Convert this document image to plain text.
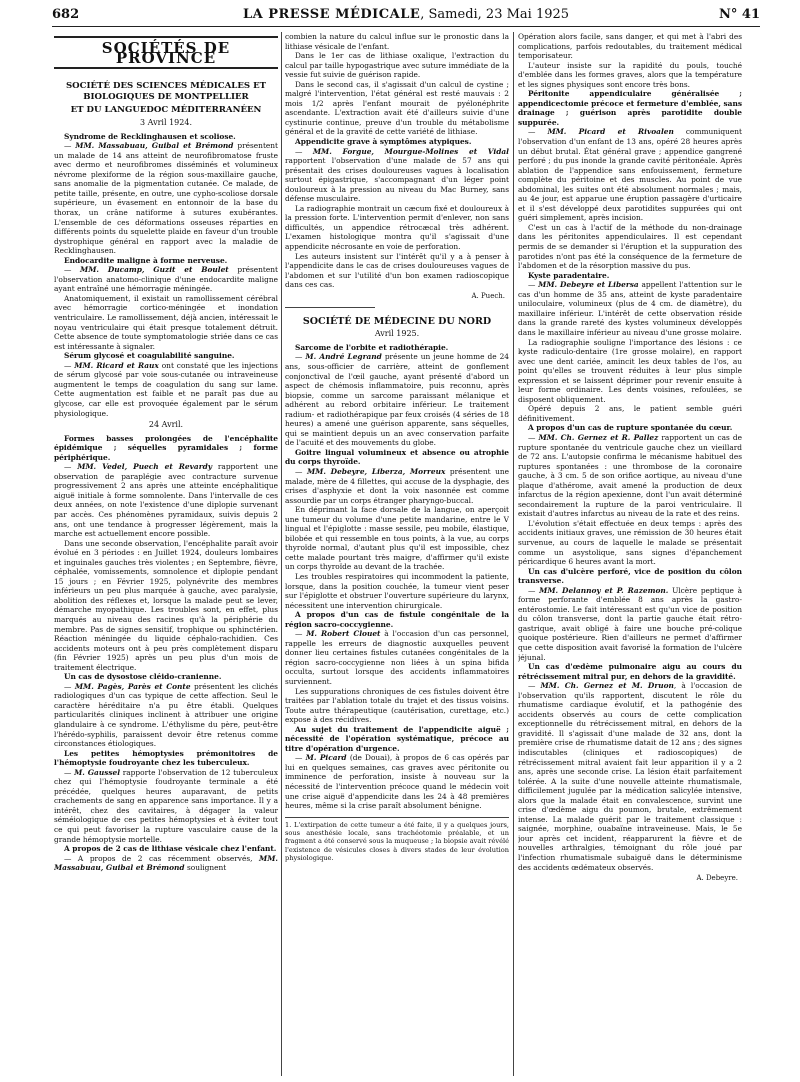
682	LA PRESSE MÉDICALE, Samedi, 23 Mai 1925	N° 41
SOCIÉTÉS DE PROVINCE
SOCIÉTÉ DES SCIENCES MÉDICALES ET BIOLOGIQUES DE MONTPELLIER
ET DU LANGUEDOC MÉDITERRANÉEN
3 Avril 1924.

Syndrome de Recklinghausen et scoliose.

— MM. Massabuau, Guibal et Brémond présentent un malade de 14 ans atteint de neurofibromatose fruste avec dermo et neurofibromes disséminés et volumineux névrome plexiforme de la région sous-maxillaire gauche, sans anomalie de la pigmentation cutanée. Ce malade, de petite taille, présente, en outre, une cypho-scoliose dorsale supérieure, un évasement en entonnoir de la base du thorax, un crâne natiforme à sutures exubérantes. L'ensemble de ces déformations osseuses réparties en différents points du squelette plaide en faveur d'un trouble dystrophique général en rapport avec la maladie de Recklinghausen.

Endocardite maligne à forme nerveuse.

— MM. Ducamp, Guzit et Boulet présentent l'observation anatomo-clinique d'une endocardite maligne ayant entraîné une hémorragie méningée.

Anatomiquement, il existait un ramollissement cérébral avec hémorragie cortico-méningée et inondation ventriculaire. Le ramollissement, déjà ancien, intéressait le noyau ventriculaire qui était presque totalement détruit. Cette absence de toute symptomatologie striée dans ce cas est intéressante à signaler.

Sérum glycosé et coagulabilité sanguine.

— MM. Ricard et Raux ont constaté que les injections de sérum glycosé par voie sous-cutanée ou intraveineuse augmentent le temps de coagulation du sang sur lame. Cette augmentation est faible et ne paraît pas due au glycose, car elle est provoquée également par le sérum physiologique.

24 Avril.

Formes basses prolongées de l'encéphalite épidémique ; séquelles pyramidales ; forme périphérique.

— MM. Vedel, Puech et Revardy rapportent une observation de paraplégie avec contracture survenue progressivement 2 ans après une atteinte encéphalitique aiguë initiale à forme somnolente. Dans l'intervalle de ces deux années, on note l'existence d'une diplopie survenant par accès. Ces phénomènes pyramidaux, suivis depuis 2 ans, ont une tendance à progresser légèrement, mais la marche est actuellement encore possible.

Dans une seconde observation, l'encéphalite paraît avoir évolué en 3 périodes : en Juillet 1924, douleurs lombaires et inguinales gauches très violentes ; en Septembre, fièvre, céphalée, vomissements, somnolence et diplopie pendant 15 jours ; en Février 1925, polynévrite des membres inférieurs un peu plus marquée à gauche, avec paralysie, abolition des réflexes et, lorsque la malade peut se lever, démarche myopathique. Les troubles sont, en effet, plus marqués au niveau des racines qu'à la périphérie du membre. Pas de signes sensitif, trophique ou sphinctérien. Réaction méningée du liquide céphalo-rachidien. Ces accidents moteurs ont à peu près complètement disparu (fin Février 1925) après un peu plus d'un mois de traitement électrique.

Un cas de dysostose cléido-cranienne.

— MM. Pagès, Parès et Conte présentent les clichés radiologiques d'un cas typique de cette affection. Seul le caractère héréditaire n'a pu être établi. Quelques particularités cliniques inclinent à attribuer une origine glandulaire à ce syndrome. L'éthylisme du père, peut-être l'hérédo-syphilis, paraissent devoir être retenus comme circonstances étiologiques.

Les petites hémoptysies prémonitoires de l'hémoptysie foudroyante chez les tuberculeux.

— M. Gaussel rapporte l'observation de 12 tuberculeux chez qui l'hémoptysie foudroyante terminale a été précédée, quelques heures auparavant, de petits crachements de sang en apparence sans importance. Il y a intérêt, chez des cavitaires, à dégager la valeur séméiologique de ces petites hémoptysies et à éviter tout ce qui peut favoriser la rupture vasculaire cause de la grande hémoptysie mortelle.

A propos de 2 cas de lithiase vésicale chez l'enfant.

— A propos de 2 cas récemment observés, MM. Massabuau, Guibal et Brémond soulignent

combien la nature du calcul influe sur le pronostic dans la lithiase vésicale de l'enfant.

Dans le 1er cas de lithiase oxalique, l'extraction du calcul par taille hypogastrique avec suture immédiate de la vessie fut suivie de guérison rapide.

Dans le second cas, il s'agissait d'un calcul de cystine ; malgré l'intervention, l'état général est resté mauvais : 2 mois 1/2 après l'enfant mourait de pyélonéphrite ascendante. L'extraction avait été d'ailleurs suivie d'une cystinurie continue, preuve d'un trouble du métabolisme général et de la gravité de cette variété de lithiase.

Appendicite grave à symptômes atypiques.

— MM. Forgue, Mourgue-Molines et Vidal rapportent l'observation d'une malade de 57 ans qui présentait des crises douloureuses vagues à localisation surtout épigastrique, s'accompagnant d'un léger point douloureux à la pression au niveau du Mac Burney, sans défense musculaire.

La radiographie montrait un cæcum fixé et douloureux à la pression forte. L'intervention permit d'enlever, non sans difficultés, un appendice rétrocæcal très adhérent. L'examen histologique montra qu'il s'agissait d'une appendicite nécrosante en voie de perforation.

Les auteurs insistent sur l'intérêt qu'il y a à penser à l'appendicite dans le cas de crises douloureuses vagues de l'abdomen et sur l'utilité d'un bon examen radioscopique dans ces cas.

A. Puech.
SOCIÉTÉ DE MÉDECINE DU NORD
Avril 1925.

Sarcome de l'orbite et radiothérapie.

— M. André Legrand présente un jeune homme de 24 ans, sous-officier de carrière, atteint de gonflement conjonctival de l'œil gauche, ayant présenté d'abord un aspect de chémosis inflammatoire, puis reconnu, après biopsie, comme un sarcome paraissant mélanique et adhérent au rebord orbitaire inférieur. Le traitement radium- et radiothérapique par feux croisés (4 séries de 18 heures) a amené une guérison apparente, sans séquelles, qui se maintient depuis un an avec conservation parfaite de l'acuité et des mouvements du globe.

Goitre lingual volumineux et absence ou atrophie du corps thyroïde.

— MM. Debeyre, Liberza, Morreux présentent une malade, mère de 4 fillettes, qui accuse de la dysphagie, des crises d'asphyxie et dont la voix nasonnée est comme assourdie par un corps étranger pharyngo-buccal.

En déprimant la face dorsale de la langue, on aperçoit une tumeur du volume d'une petite mandarine, entre le V lingual et l'épiglotte : masse sessile, peu mobile, élastique, bilobée et qui ressemble en tous points, à la vue, au corps thyroïde normal, d'autant plus qu'il est impossible, chez cette malade pourtant très maigre, d'affirmer qu'il existe un corps thyroïde au devant de la trachée.

Les troubles respiratoires qui incommodent la patiente, lorsque, dans la position couchée, la tumeur vient peser sur l'épiglotte et obstruer l'ouverture supérieure du larynx, nécessitent une intervention chirurgicale.

A propos d'un cas de fistule congénitale de la région sacro-coccygienne.

— M. Robert Clouet à l'occasion d'un cas personnel, rappelle les erreurs de diagnostic auxquelles peuvent donner lieu certaines fistules cutanées congénitales de la région sacro-coccygienne non liées à un spina bifida occulta, surtout lorsque des accidents inflammatoires surviennent.

Les suppurations chroniques de ces fistules doivent être traitées par l'ablation totale du trajet et des tissus voisins. Toute autre thérapeutique (cautérisation, curettage, etc.) expose à des récidives.

Au sujet du traitement de l'appendicite aiguë ; nécessité de l'opération systématique, précoce au titre d'opération d'urgence.

— M. Picard (de Douai), à propos de 6 cas opérés par lui en quelques semaines, cas graves avec péritonite ou imminence de perforation, insiste à nouveau sur la nécessité de l'intervention précoce quand le médecin voit une crise aiguë d'appendicite dans les 24 à 48 premières heures, même si la crise paraît absolument bénigne.

1. L'extirpation de cette tumeur a été faite, il y a quelques jours, sous anesthésie locale, sans trachéotomie préalable, et un fragment a été conservé sous la muqueuse ; la biopsie avait révélé l'existence de vésicules closes à divers stades de leur évolution physiologique.

Opération alors facile, sans danger, et qui met à l'abri des complications, parfois redoutables, du traitement médical temporisateur.

L'auteur insiste sur la rapidité du pouls, touché d'emblée dans les formes graves, alors que la température et les signes physiques sont encore très bons.

Péritonite appendiculaire généralisée ; appendicectomie précoce et fermeture d'emblée, sans drainage ; guérison après parotidite double suppurée.

— MM. Picard et Rivoalen communiquent l'observation d'un enfant de 13 ans, opéré 28 heures après un début brutal. État général grave ; appendice gangrené perforé ; du pus inonde la grande cavité péritonéale. Après ablation de l'appendice sans enfouissement, fermeture complète du péritoine et des muscles. Au point de vue abdominal, les suites ont été absolument normales ; mais, au 4e jour, est apparue une éruption passagère d'urticaire et il s'est développé deux parotidites suppurées qui ont guéri simplement, après incision.

C'est un cas à l'actif de la méthode du non-drainage dans les péritonites appendiculaires. Il est cependant permis de se demander si l'éruption et la suppuration des parotides n'ont pas été la conséquence de la fermeture de l'abdomen et de la résorption massive du pus.

Kyste paradentaire.

— MM. Debeyre et Libersa appellent l'attention sur le cas d'un homme de 35 ans, atteint de kyste paradentaire uniloculaire, volumineux (plus de 4 cm. de diamètre), du maxillaire inférieur. L'intérêt de cette observation réside dans la grande rareté des kystes volumineux développés dans le maxillaire inférieur au niveau d'une grosse molaire.

La radiographie souligne l'importance des lésions : ce kyste radiculo-dentaire (1re grosse molaire), en rapport avec une dent cariée, amincit les deux tables de l'os, au point qu'elles se trouvent réduites à leur plus simple expression et se laissent déprimer pour revenir ensuite à leur forme ordinaire. Les dents voisines, refoulées, se disposent obliquement.

Opéré depuis 2 ans, le patient semble guéri définitivement.

A propos d'un cas de rupture spontanée du cœur.

— MM. Ch. Gernez et R. Pallez rapportent un cas de rupture spontanée du ventricule gauche chez un vieillard de 72 ans. L'autopsie confirma le mécanisme habituel des ruptures spontanées : une thrombose de la coronaire gauche, à 3 cm. 5 de son orifice aortique, au niveau d'une plaque d'athérome, avait amené la production de deux infarctus de la région apexienne, dont l'un avait déterminé secondairement la rupture de la paroi ventriculaire. Il existait d'autres infarctus au niveau de la rate et des reins.

L'évolution s'était effectuée en deux temps : après des accidents initiaux graves, une rémission de 30 heures était survenue, au cours de laquelle le malade se présentait comme un asystolique, sans signes d'épanchement péricardique 6 heures avant la mort.

Un cas d'ulcère perforé, vice de position du côlon transverse.

— MM. Delannoy et P. Razemon. Ulcère peptique à forme perforante d'emblée 8 ans après la gastro-entérostomie. Le fait intéressant est qu'un vice de position du côlon transverse, dont la partie gauche était rétro-gastrique, avait obligé à faire une bouche pré-colique quoique postérieure. Rien d'ailleurs ne permet d'affirmer que cette disposition avait favorisé la formation de l'ulcère jéjunal.

Un cas d'œdème pulmonaire aigu au cours du rétrécissement mitral pur, en dehors de la gravidité.

— MM. Ch. Gernez et M. Druon, à l'occasion de l'observation qu'ils rapportent, discutent le rôle du rhumatisme cardiaque évolutif, et la pathogénie des accidents observés au cours de cette complication exceptionnelle du rétrécissement mitral, en dehors de la gravidité. Il s'agissait d'une malade de 32 ans, dont la première crise de rhumatisme datait de 12 ans ; des signes indiscutables (cliniques et radioscopiques) de rétrécissement mitral avaient fait leur apparition il y a 2 ans, après une seconde crise. La lésion était parfaitement tolérée. A la suite d'une nouvelle atteinte rhumatismale, difficilement jugulée par la médication salicylée intensive, alors que la malade était en convalescence, survint une crise d'œdème aigu du poumon, brutale, extrêmement intense. La malade guérit par le traitement classique : saignée, morphine, ouabaïne intraveineuse. Mais, le 5e jour après cet incident, réapparurent la fièvre et de nouvelles arthralgies, témoignant du rôle joué par l'infection rhumatismale subaiguë dans le déterminisme des accidents œdémateux observés.

A. Debeyre.
